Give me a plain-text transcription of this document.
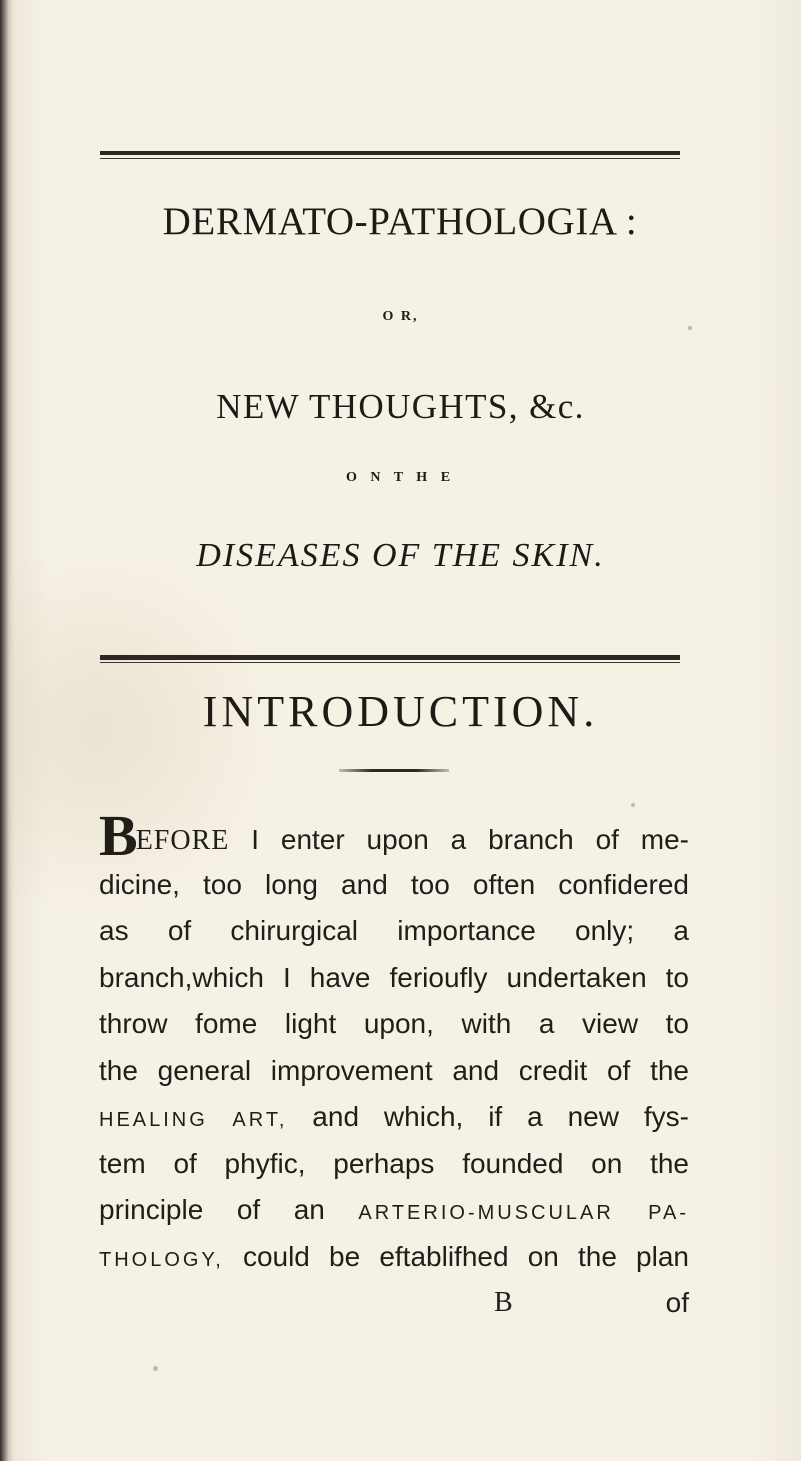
DERMATO-PATHOLOGIA :
O R,
NEW THOUGHTS, &c.
O N T H E
DISEASES OF THE SKIN.
INTRODUCTION.
BEFORE I enter upon a branch of me-
dicine, too long and too often confidered
as of chirurgical importance only; a
branch,which I have ferioufly undertaken to
throw fome light upon, with a view to
the general improvement and credit of the
HEALING ART, and which, if a new fys-
tem of phyfic, perhaps founded on the
principle of an ARTERIO-MUSCULAR PA-
THOLOGY, could be eftablifhed on the plan
B	of
